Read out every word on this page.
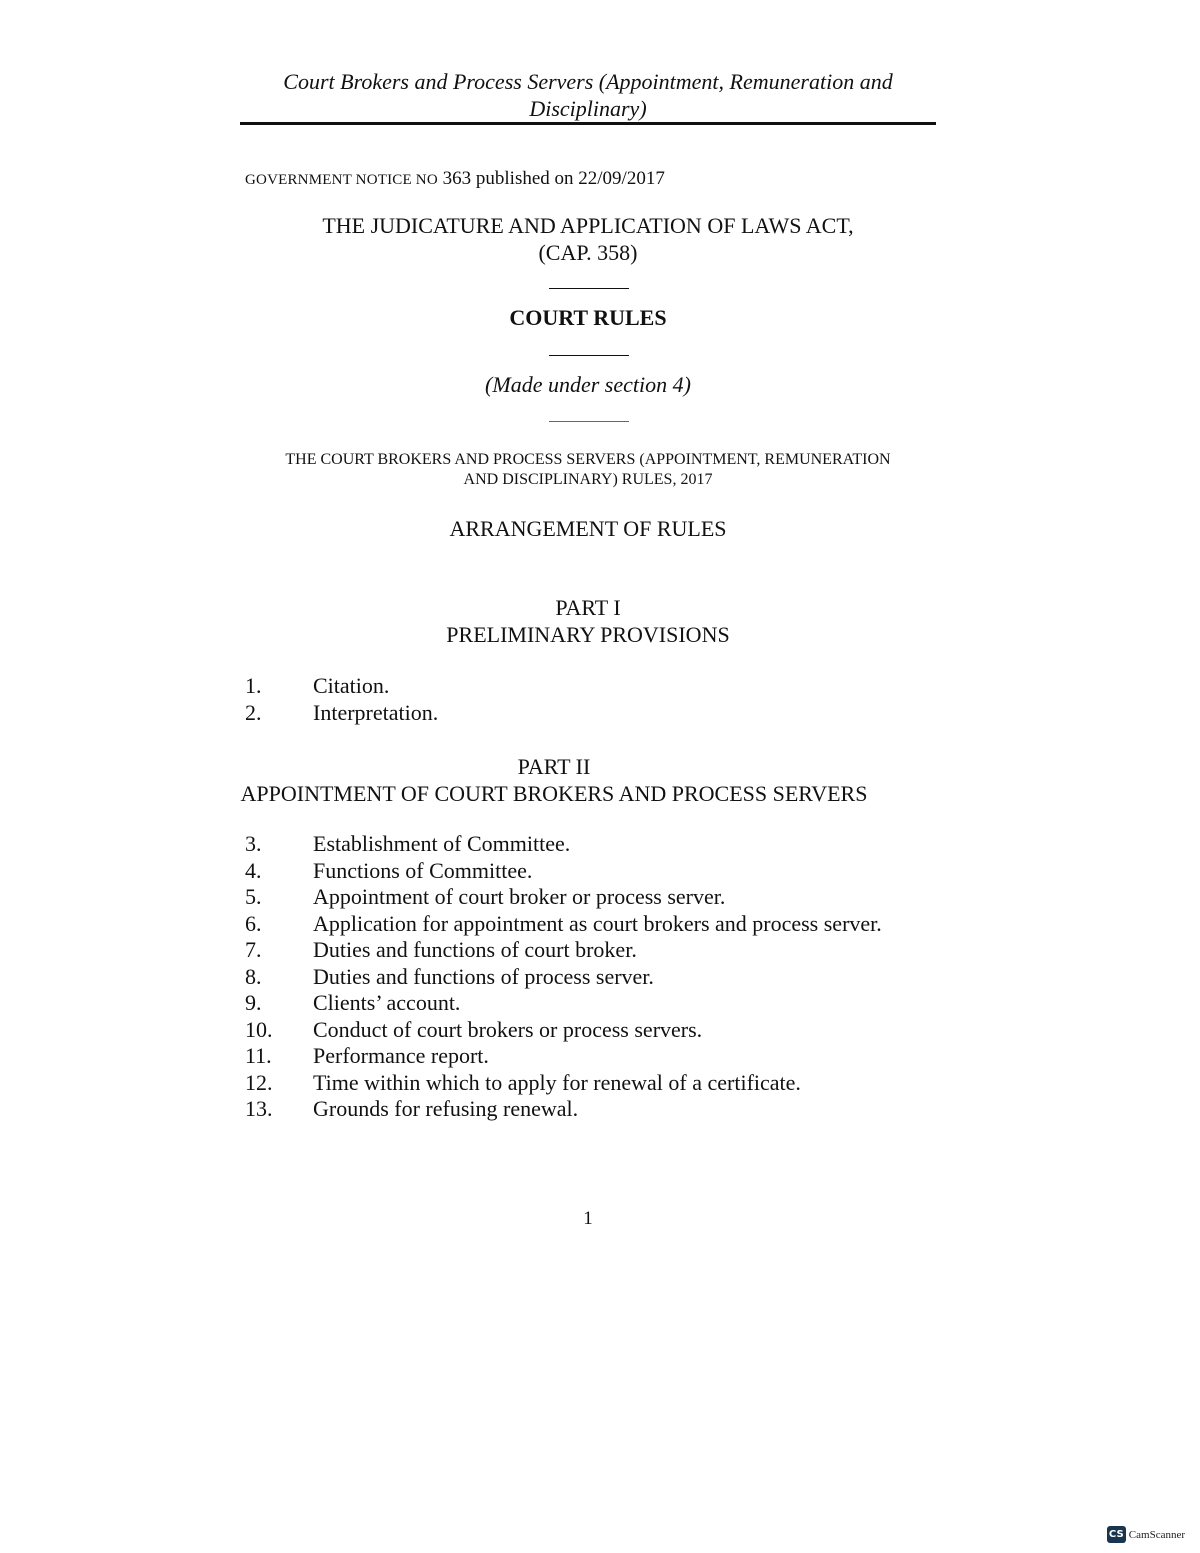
Court Brokers and Process Servers (Appointment, Remuneration and
Disciplinary)
GOVERNMENT NOTICE NO 363 published on 22/09/2017
THE JUDICATURE AND APPLICATION OF LAWS ACT,
(CAP. 358)
COURT RULES
(Made under section 4)
THE COURT BROKERS AND PROCESS SERVERS (APPOINTMENT, REMUNERATION
AND DISCIPLINARY) RULES, 2017
ARRANGEMENT OF RULES
PART I
PRELIMINARY PROVISIONS
1.	Citation.
2.	Interpretation.
PART II
APPOINTMENT OF COURT BROKERS AND PROCESS SERVERS
3.	Establishment of Committee.
4.	Functions of Committee.
5.	Appointment of court broker or process server.
6.	Application for appointment as court brokers and process server.
7.	Duties and functions of court broker.
8.	Duties and functions of process server.
9.	Clients’ account.
10.	Conduct of court brokers or process servers.
11.	Performance report.
12.	Time within which to apply for renewal of a certificate.
13.	Grounds for refusing renewal.
1
CS CamScanner
